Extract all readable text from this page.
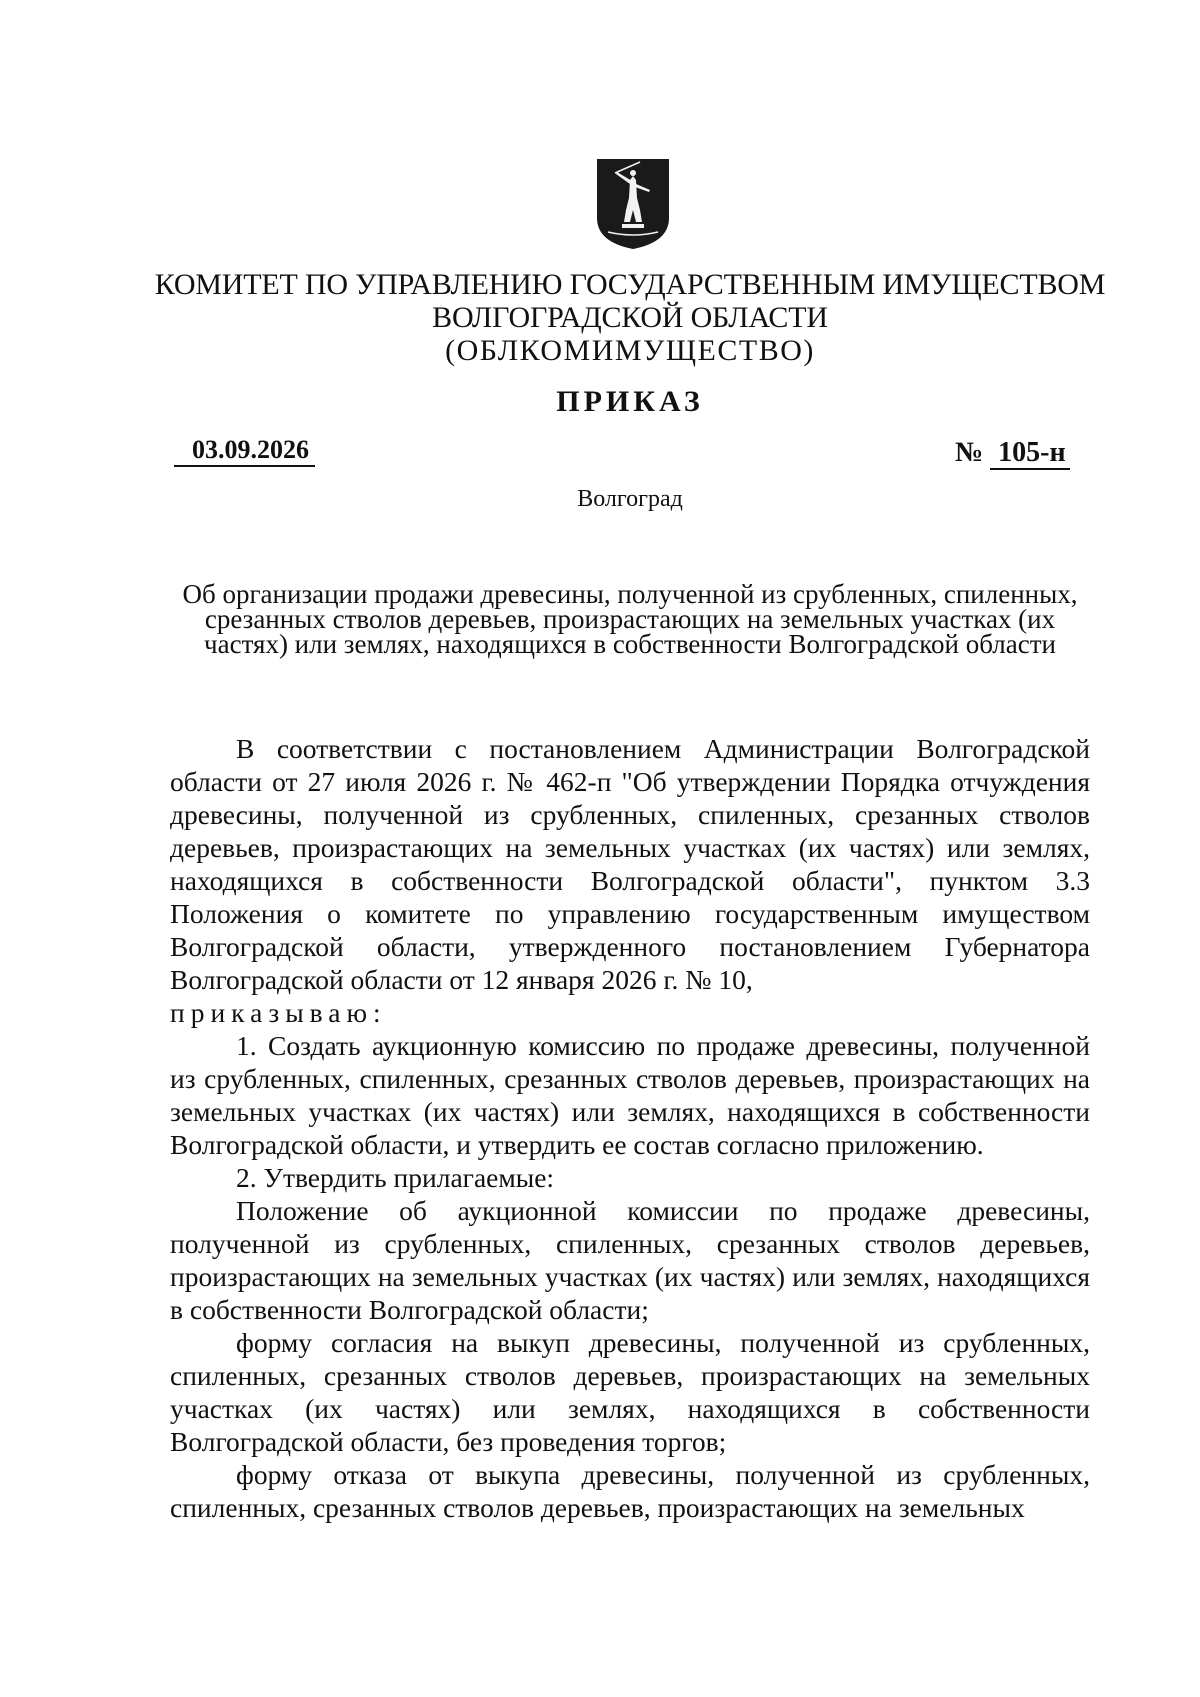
КОМИТЕТ ПО УПРАВЛЕНИЮ ГОСУДАРСТВЕННЫМ ИМУЩЕСТВОМ
ВОЛГОГРАДСКОЙ ОБЛАСТИ
(ОБЛКОМИМУЩЕСТВО)
ПРИКАЗ
03.09.2026	№ 105-н
Волгоград
Об организации продажи древесины, полученной из срубленных, спиленных, срезанных стволов деревьев, произрастающих на земельных участках (их частях) или землях, находящихся в собственности Волгоградской области

В соответствии с постановлением Администрации Волгоградской области от 27 июля 2026 г. № 462-п "Об утверждении Порядка отчуждения древесины, полученной из срубленных, спиленных, срезанных стволов деревьев, произрастающих на земельных участках (их частях) или землях, находящихся в собственности Волгоградской области", пунктом 3.3 Положения о комитете по управлению государственным имуществом Волгоградской области, утвержденного постановлением Губернатора Волгоградской области от 12 января 2026 г. № 10,

приказываю:

1. Создать аукционную комиссию по продаже древесины, полученной из срубленных, спиленных, срезанных стволов деревьев, произрастающих на земельных участках (их частях) или землях, находящихся в собственности Волгоградской области, и утвердить ее состав согласно приложению.

2. Утвердить прилагаемые:

Положение об аукционной комиссии по продаже древесины, полученной из срубленных, спиленных, срезанных стволов деревьев, произрастающих на земельных участках (их частях) или землях, находящихся в собственности Волгоградской области;

форму согласия на выкуп древесины, полученной из срубленных, спиленных, срезанных стволов деревьев, произрастающих на земельных участках (их частях) или землях, находящихся в собственности Волгоградской области, без проведения торгов;

форму отказа от выкупа древесины, полученной из срубленных, спиленных, срезанных стволов деревьев, произрастающих на земельных
